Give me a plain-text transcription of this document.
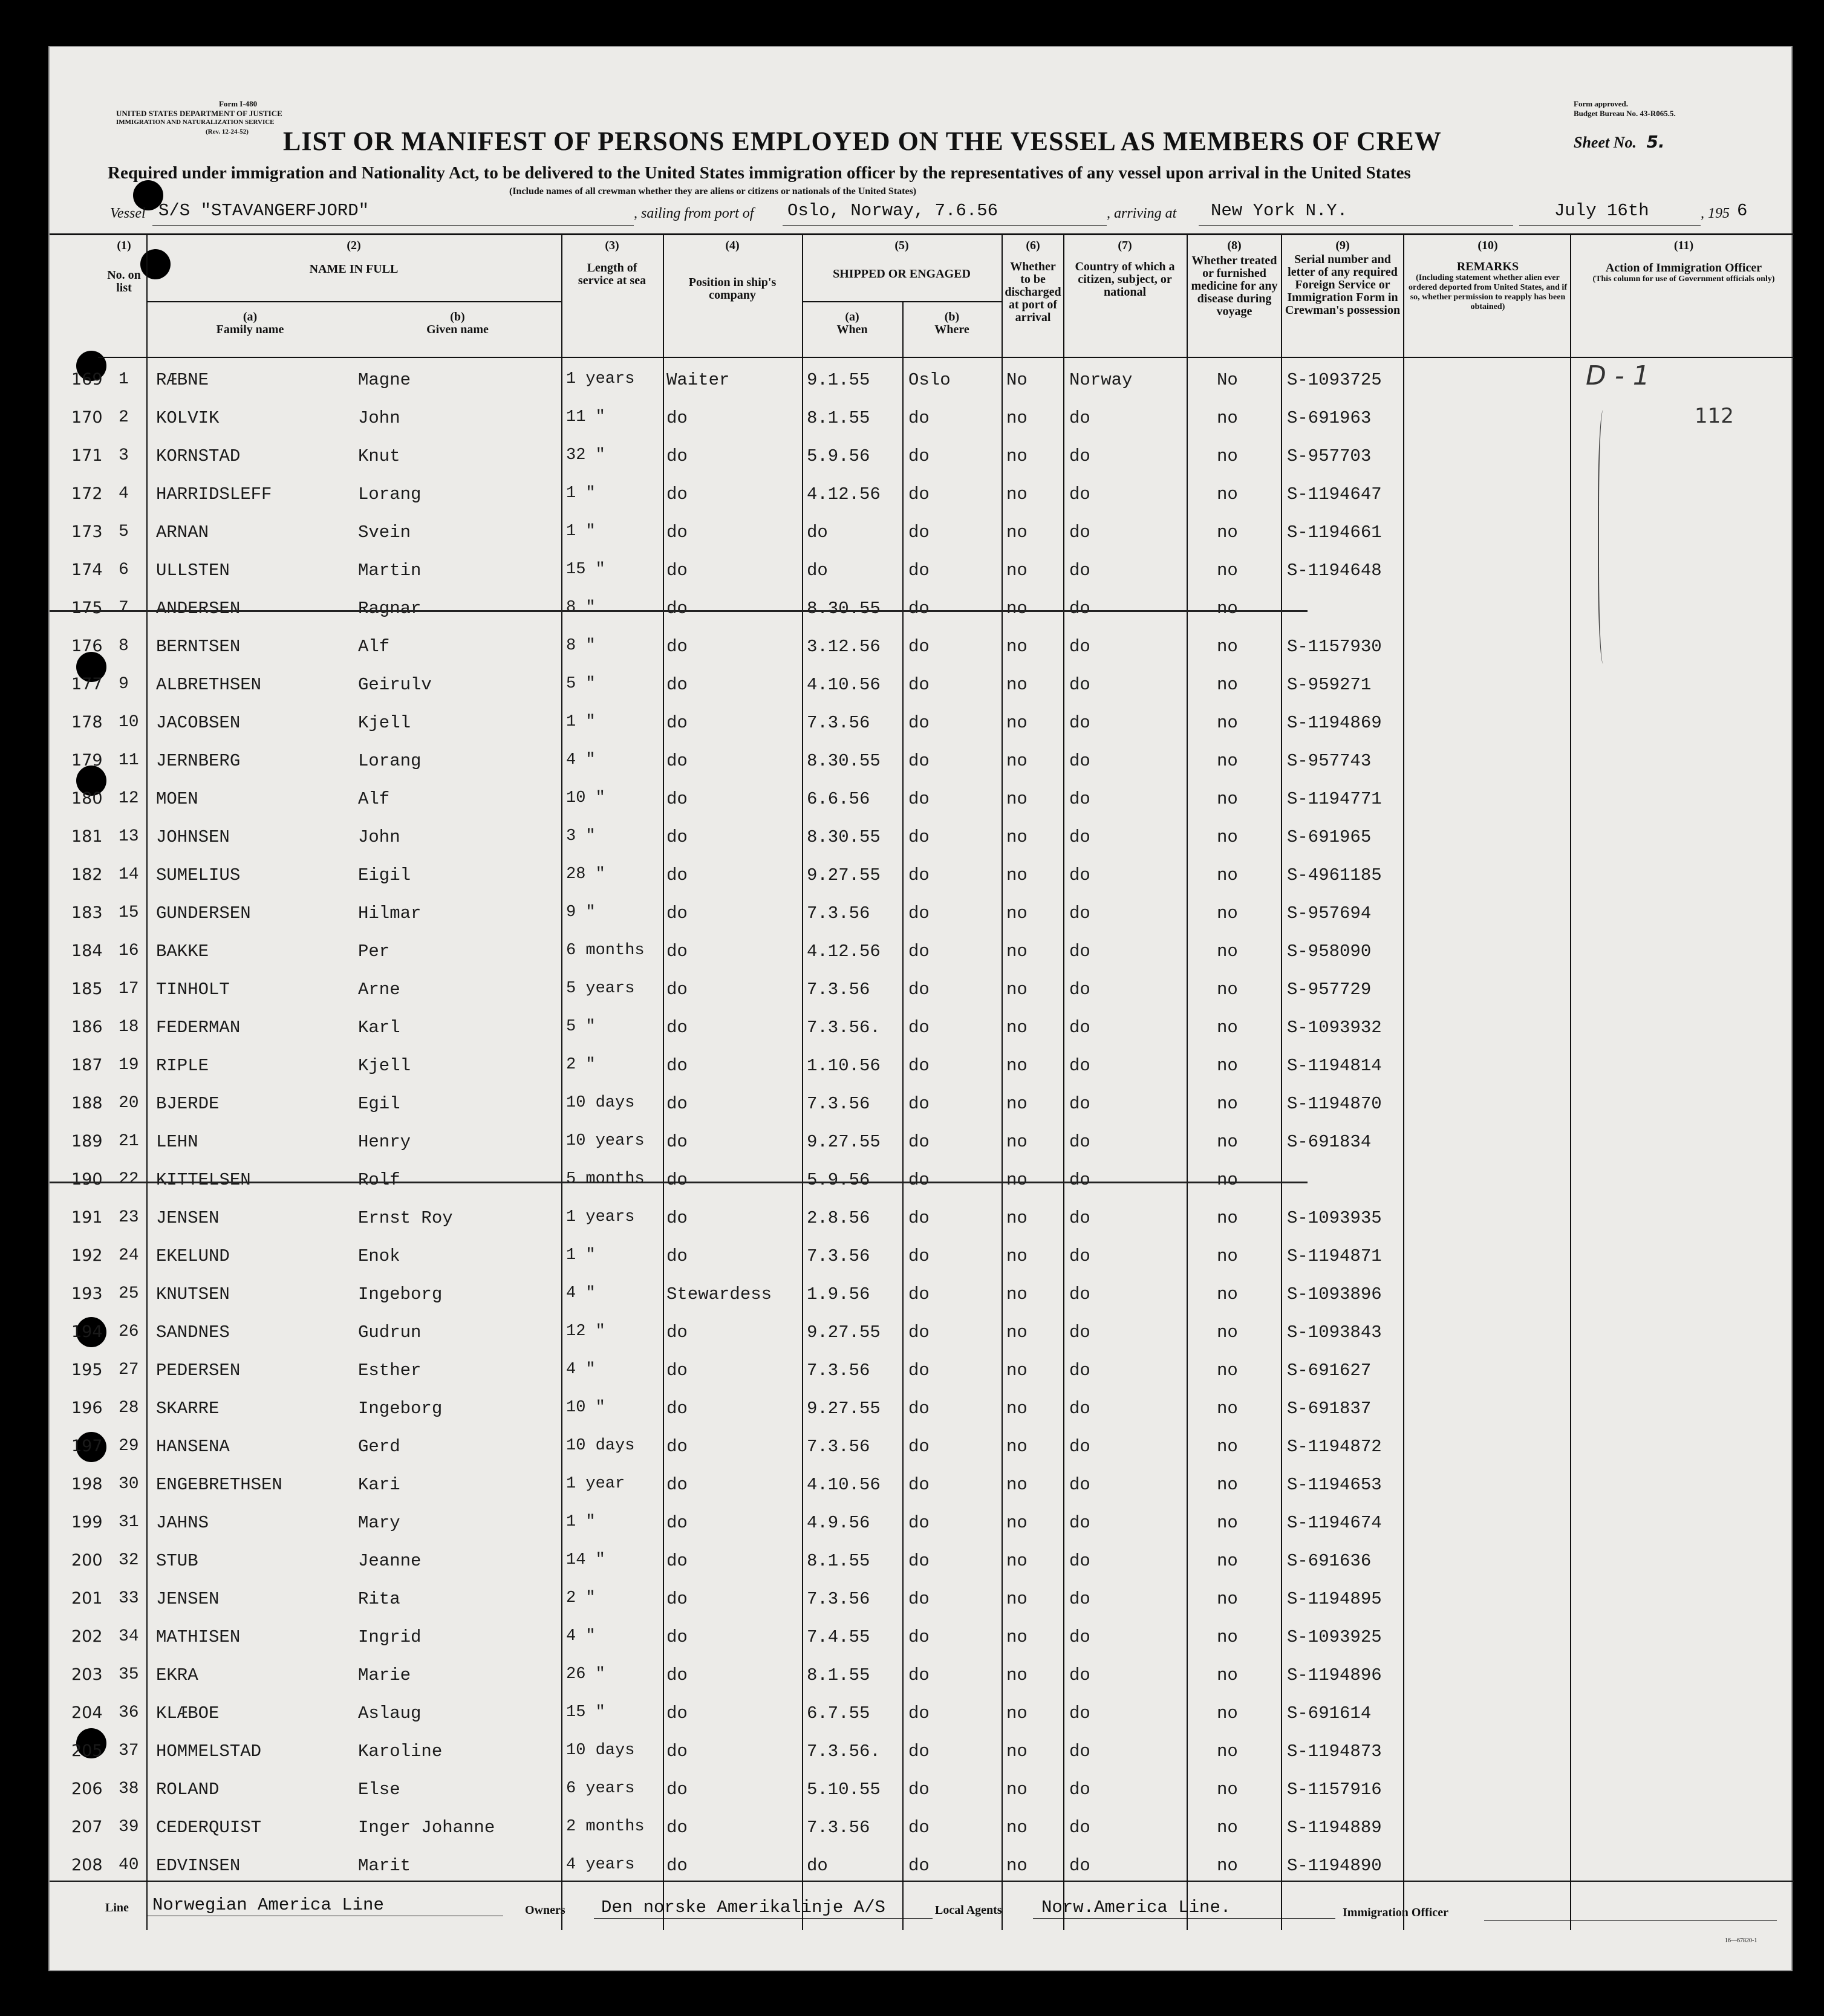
Form I-480
UNITED STATES DEPARTMENT OF JUSTICE
IMMIGRATION AND NATURALIZATION SERVICE
(Rev. 12-24-52)
Form approved.
Budget Bureau No. 43-R065.5.
LIST OR MANIFEST OF PERSONS EMPLOYED ON THE VESSEL AS MEMBERS OF CREW	Sheet No. 5.
Required under immigration and Nationality Act, to be delivered to the United States immigration officer by the representatives of any vessel upon arrival in the United States
(Include names of all crewman whether they are aliens or citizens or nationals of the United States)
Vessel S/S "STAVANGERFJORD"	, sailing from port of Oslo, Norway, 7.6.56	, arriving at New York N.Y.	July 16th	, 195 6
(1)
No. on list
(2)
NAME IN FULL
(a)
Family name
(b)
Given name
(3)
Length of service at sea
(4)
Position in ship's company
(5)
SHIPPED OR ENGAGED
(a)
When
(b)
Where
(6)
Whether to be discharged at port of arrival
(7)
Country of which a citizen, subject, or national
(8)
Whether treated or furnished medicine for any disease during voyage
(9)
Serial number and letter of any required Foreign Service or Immigration Form in Crewman's possession
(10)
REMARKS
(Including statement whether alien ever ordered deported from United States, and if so, whether permission to reapply has been obtained)
(11)
Action of Immigration Officer
(This column for use of Government officials only)
D - 1
112
169 1 RÆBNE	Magne	1 years Waiter	9.1.55 Oslo	No Norway	No	S-1093725
170 2 KOLVIK	John	11 "	do	8.1.55 do	no do	no	S-691963
171 3 KORNSTAD	Knut	32 "	do	5.9.56 do	no do	no	S-957703
172 4 HARRIDSLEFF	Lorang	1 "	do	4.12.56 do	no do	no	S-1194647
173 5 ARNAN	Svein	1 "	do	do	do	no do	no	S-1194661
174 6 ULLSTEN	Martin	15 "	do	do	do	no do	no	S-1194648
175 7 ANDERSEN	Ragnar	8 "	do	8.30.55 do	no do	no
176 8 BERNTSEN	Alf	8 "	do	3.12.56 do	no do	no	S-1157930
177 9 ALBRETHSEN	Geirulv	5 "	do	4.10.56 do	no do	no	S-959271
178 10 JACOBSEN	Kjell	1 "	do	7.3.56 do	no do	no	S-1194869
179 11 JERNBERG	Lorang	4 "	do	8.30.55 do	no do	no	S-957743
180 12 MOEN	Alf	10 "	do	6.6.56 do	no do	no	S-1194771
181 13 JOHNSEN	John	3 "	do	8.30.55 do	no do	no	S-691965
182 14 SUMELIUS	Eigil	28 "	do	9.27.55 do	no do	no	S-4961185
183 15 GUNDERSEN	Hilmar	9 "	do	7.3.56 do	no do	no	S-957694
184 16 BAKKE	Per	6 months do	4.12.56 do	no do	no	S-958090
185 17 TINHOLT	Arne	5 years do	7.3.56 do	no do	no	S-957729
186 18 FEDERMAN	Karl	5 "	do	7.3.56. do	no do	no	S-1093932
187 19 RIPLE	Kjell	2 "	do	1.10.56 do	no do	no	S-1194814
188 20 BJERDE	Egil	10 days do	7.3.56 do	no do	no	S-1194870
189 21 LEHN	Henry	10 years do	9.27.55 do	no do	no	S-691834
190 22 KITTELSEN	Rolf	5 months do	5.9.56 do	no do	no
191 23 JENSEN	Ernst Roy	1 years do	2.8.56 do	no do	no	S-1093935
192 24 EKELUND	Enok	1 "	do	7.3.56 do	no do	no	S-1194871
193 25 KNUTSEN	Ingeborg	4 "	Stewardess 1.9.56 do	no do	no	S-1093896
194 26 SANDNES	Gudrun	12 "	do	9.27.55 do	no do	no	S-1093843
195 27 PEDERSEN	Esther	4 "	do	7.3.56 do	no do	no	S-691627
196 28 SKARRE	Ingeborg	10 "	do	9.27.55 do	no do	no	S-691837
197 29 HANSENA	Gerd	10 days do	7.3.56 do	no do	no	S-1194872
198 30 ENGEBRETHSEN	Kari	1 year do	4.10.56 do	no do	no	S-1194653
199 31 JAHNS	Mary	1 "	do	4.9.56 do	no do	no	S-1194674
200 32 STUB	Jeanne	14 "	do	8.1.55 do	no do	no	S-691636
201 33 JENSEN	Rita	2 "	do	7.3.56 do	no do	no	S-1194895
202 34 MATHISEN	Ingrid	4 "	do	7.4.55 do	no do	no	S-1093925
203 35 EKRA	Marie	26 "	do	8.1.55 do	no do	no	S-1194896
204 36 KLÆBOE	Aslaug	15 "	do	6.7.55 do	no do	no	S-691614
205 37 HOMMELSTAD	Karoline	10 days do	7.3.56. do	no do	no	S-1194873
206 38 ROLAND	Else	6 years do	5.10.55 do	no do	no	S-1157916
207 39 CEDERQUIST	Inger Johanne	2 months do	7.3.56 do	no do	no	S-1194889
208 40 EDVINSEN	Marit	4 years do	do	do	no do	no	S-1194890
Line Norwegian America Line	Owners Den norske Amerikalinje A/S	Local Agents Norw.America Line.	Immigration Officer
16—67820-1
